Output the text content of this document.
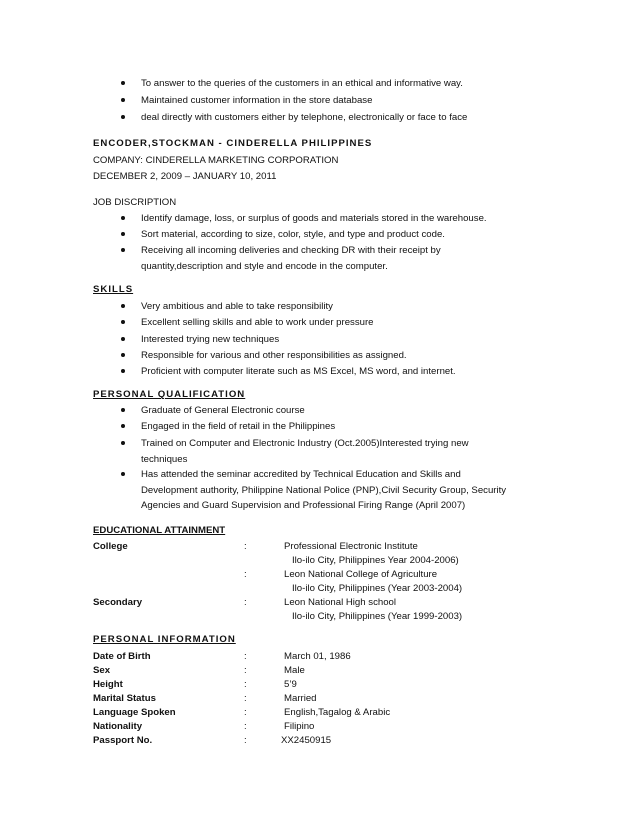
To answer to the queries of the customers in an ethical and informative way.
Maintained customer information in the store database
deal directly with customers either by telephone, electronically or face to face
ENCODER,STOCKMAN - CINDERELLA PHILIPPINES
COMPANY: CINDERELLA MARKETING CORPORATION
DECEMBER 2, 2009 – JANUARY 10, 2011
JOB DISCRIPTION
Identify damage, loss, or surplus of goods and materials stored in the warehouse.
Sort material, according to size, color, style, and type and product code.
Receiving all incoming deliveries and checking DR with their receipt by
quantity,description and style and encode in the computer.
SKILLS
Very ambitious and able to take responsibility
Excellent selling skills and able to work under pressure
Interested trying new techniques
Responsible for various and other responsibilities as assigned.
Proficient with computer literate such as MS Excel, MS word, and internet.
PERSONAL QUALIFICATION
Graduate of General Electronic course
Engaged in the field of retail in the Philippines
Trained on Computer and Electronic Industry (Oct.2005)Interested trying new
techniques
Has attended the seminar accredited by Technical Education and Skills and
Development authority, Philippine National Police (PNP),Civil Security Group, Security
Agencies and Guard Supervision and Professional Firing Range (April 2007)
EDUCATIONAL ATTAINMENT
College	:	Professional Electronic Institute
Ilo-ilo City, Philippines Year 2004-2006)
:	Leon National College of Agriculture
Ilo-ilo City, Philippines (Year 2003-2004)
Secondary	:	Leon National High school
Ilo-ilo City, Philippines (Year 1999-2003)
PERSONAL INFORMATION
Date of Birth	:	March 01, 1986
Sex	:	Male
Height	:	5’9
Marital Status	:	Married
Language Spoken	:	English,Tagalog & Arabic
Nationality	:	Filipino
Passport No.	:	XX2450915
